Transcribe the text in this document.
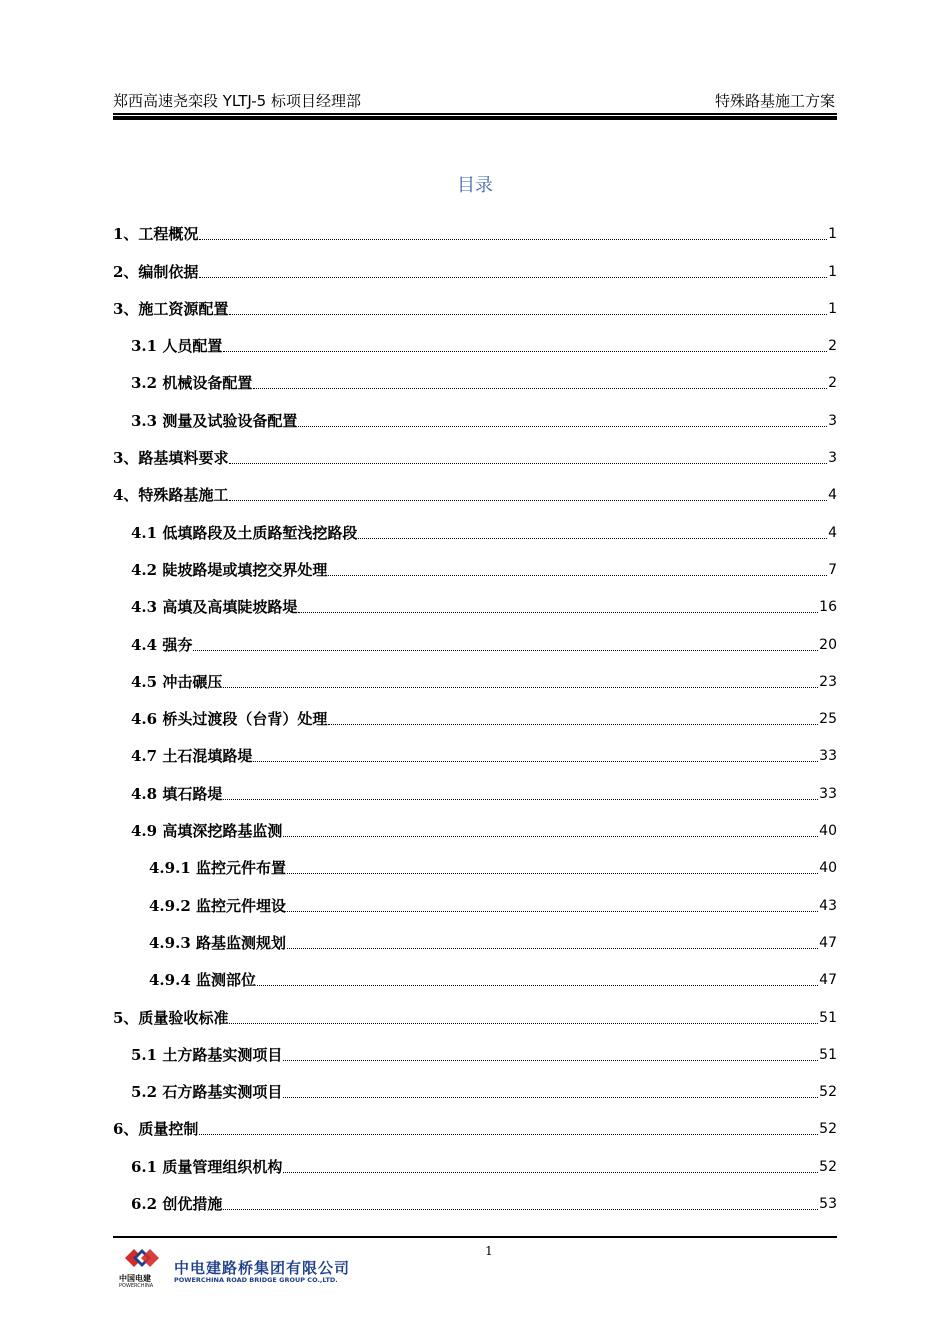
郑西高速尧栾段 YLTJ-5 标项目经理部	特殊路基施工方案
目录
1、工程概况	1
2、编制依据	1
3、施工资源配置	1
3.1 人员配置	2
3.2 机械设备配置	2
3.3 测量及试验设备配置	3
3、路基填料要求	3
4、特殊路基施工	4
4.1 低填路段及土质路堑浅挖路段	4
4.2 陡坡路堤或填挖交界处理	7
4.3 高填及高填陡坡路堤	16
4.4 强夯	20
4.5 冲击碾压	23
4.6 桥头过渡段（台背）处理	25
4.7 土石混填路堤	33
4.8 填石路堤	33
4.9 高填深挖路基监测	40
4.9.1 监控元件布置	40
4.9.2 监控元件埋设	43
4.9.3 路基监测规划	47
4.9.4 监测部位	47
5、质量验收标准	51
5.1 土方路基实测项目	51
5.2 石方路基实测项目	52
6、质量控制	52
6.1 质量管理组织机构	52
6.2 创优措施	53
1
中国电建
POWERCHINA
中电建路桥集团有限公司
POWERCHINA ROAD BRIDGE GROUP CO.,LTD.
